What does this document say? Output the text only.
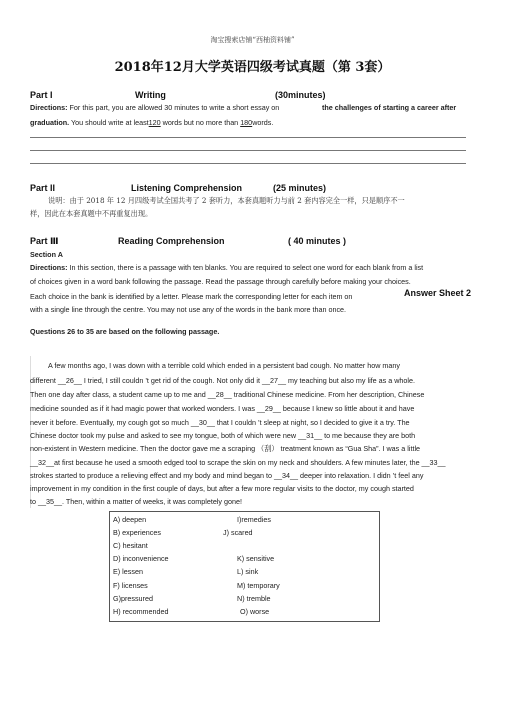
淘宝搜索店铺“西柚资料铺”
2018年12月大学英语四级考试真题（第 3套）
Part I	Writing	(30minutes)
Directions: For this part, you are allowed 30 minutes to write a short essay on	the challenges of starting a career after
graduation. You should write at least120 words but no more than 180words.
Part II	Listening Comprehension	(25 minutes)
说明：由于 2018 年 12 月四级考试全国共考了 2 套听力，本套真题听力与前 2 套内容完全一样，只是顺序不一
样，因此在本套真题中不再重复出现。
Part Ⅲ	Reading Comprehension	( 40 minutes )
Section A
Directions: In this section, there is a passage with ten blanks. You are required to select one word for each blank from a list
of choices given in a word bank following the passage. Read the passage through carefully before making your choices.
Each choice in the bank is identified by a letter. Please mark the corresponding letter for each item on	Answer Sheet 2
with a single line through the centre. You may not use any of the words in the bank more than once.
Questions 26 to 35 are based on the following passage.
A few months ago, I was down with a terrible cold which ended in a persistent bad cough. No matter how many
different __26__ I tried, I still couldn ’t get rid of the cough. Not only did it __27__ my teaching but also my life as a whole.
Then one day after class, a student came up to me and __28__ traditional Chinese medicine. From her description, Chinese
medicine sounded as if it had magic power that worked wonders. I was __29__ because I knew so little about it and have
never it before. Eventually, my cough got so much __30__ that I couldn ’t sleep at night, so I decided to give it a try. The
Chinese doctor took my pulse and asked to see my tongue, both of which were new __31__ to me because they are both
non-existent in Western medicine. Then the doctor gave me a scraping （刮） treatment known as “Gua Sha”. I was a little
__32__at first because he used a smooth edged tool to scrape the skin on my neck and shoulders. A few minutes later, the __33__
strokes started to produce a relieving effect and my body and mind began to __34__ deeper into relaxation. I didn ’t feel any
improvement in my condition in the first couple of days, but after a few more regular visits to the doctor, my cough started
to __35__. Then, within a matter of weeks, it was completely gone!
A) deepen
B) experiences
C) hesitant
D) inconvenience
E) lessen
F) licenses
G)pressured
H) recommended
I)remedies
J) scared
K) sensitive
L) sink
M) temporary
N) tremble
O) worse
